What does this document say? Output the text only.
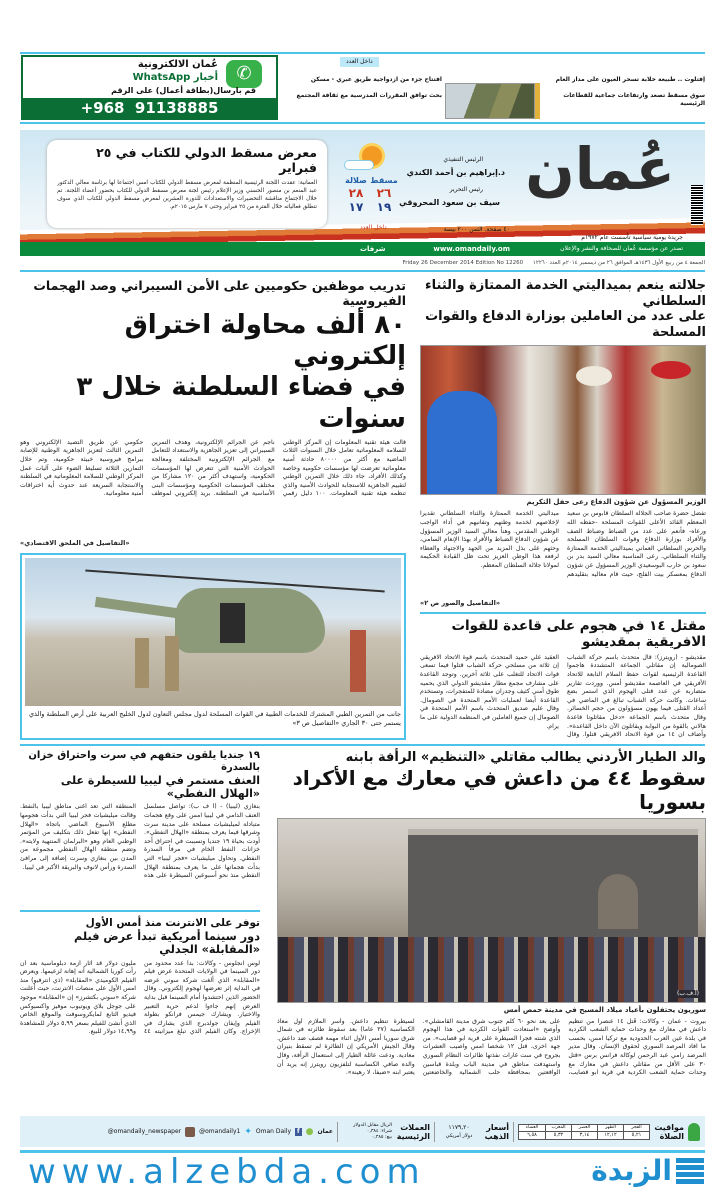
✆
عُمان الالكترونية
أخبار WhatsApp
قم بارسال(بطاقة أعمال) على الرقم
+968  91138885
داخل العدد
افتتاح جزء من ازدواجية طريق عبري - مسكن
بحث توافق المقررات المدرسية مع ثقافة المجتمع
إفتلوت .. طبيعة خلابة تسحر العيون على مدار العام
سوق مسقط تصعد وارتفاعات جماعية للقطاعات الرئيسية
عُمان
جريدة يومية سياسية تأسست عام ١٩٧٢م
تصدر عن مؤسسة عُمان للصحافة والنشر والإعلان
الرئيس التنفيذي
د.إبراهيم بن أحمد الكندي
رئيس التحرير
سيف بن سعود المحروقي
٤٠ صفحة. الثمن ٢٠٠ بيسة
www.omandaily.om
مسقط
صلالة
٢٦
٢٨
١٩
١٧
داخل العدد
شرفات
معرض مسقط الدولي للكتاب في ٢٥ فبراير
العمانية: عقدت اللجنة الرئيسية المنظمة لمعرض مسقط الدولي للكتاب امس اجتماعا لها برئاسة معالي الدكتور عبد المنعم بن منصور الحسني وزير الإعلام رئيس لجنة معرض مسقط الدولي للكتاب بحضور أعضاء اللجنة. تم خلال الاجتماع مناقشة التحضيرات والاستعدادات للدورة العشرين لمعرض مسقط الدولي للكتاب الذي سوف تنطلق فعالياته خلال الفترة من ٢٥ فبراير وحتى ٧ مارس ٢٠١٥م.
الجمعة ٤ من ربيع الأول ١٤٣٦هـ الموافق ٢٦ من ديسمبر ٢٠١٤م العدد ١٢٢٦٠ Friday 26 December 2014 Edition No 12260
جلالته ينعم بميداليتي الخدمة الممتازة والثناء السلطاني
على عدد من العاملين بوزارة الدفاع والقوات المسلحة
الوزير المسؤول عن شؤون الدفاع رعى حفل التكريم
تفضل حضرة صاحب الجلالة السلطان قابوس بن سعيد المعظم القائد الأعلى للقوات المسلحة -حفظه الله ورعاه- فأنعم على عدد من الضباط وضباط الصف والأفراد بوزارة الدفاع وقوات السلطان المسلحة والحرس السلطاني العماني بميداليتي الخدمة الممتازة والثناء السلطاني. رعى المناسبة معالي السيد بدر بن سعود بن حارب البوسعيدي الوزير المسؤول عن شؤون الدفاع بمعسكر بيت الفلج، حيث قام معاليه بتقليدهم ميداليتي الخدمة الممتازة والثناء السلطاني تقديراً لإخلاصهم لخدمة وطنهم وتفانيهم في أداء الواجب الوطني المقدس. وهنأ معالي السيد الوزير المسؤول عن شؤون الدفاع الضباط والأفراد بهذا الإنعام السامي، وحثهم على بذل المزيد من الجهد والاجتهاد والعطاء لرفعة هذا الوطن العزيز تحت ظل القيادة الحكيمة لمولانا جلالة السلطان المعظم.
«التفاصيل والصور ص ٢»
مقتل ١٤ في هجوم على قاعدة للقوات الافريقية بمقديشو
مقديشو - (رويترز): قال متحدث باسم حركة الشباب الصومالية إن مقاتلي الجماعة المتشددة هاجموا القاعدة الرئيسية لقوات حفظ السلام التابعة للاتحاد الأفريقي في العاصمة مقديشو أمس. ووردت تقارير متضاربة عن عدد قتلى الهجوم الذي استمر بضع ساعات. وكانت حركة الشباب تبالغ في الماضي في أعداد القتلى فيما يهون مسؤولون من حجم الخسائر. وقال متحدث باسم الجماعة «دخل مقاتلونا قاعدة هالاني بالقوة من البوابة ويقاتلون الآن داخل القاعدة». وأضاف ان ١٤ من قوة الاتحاد الافريقي قتلوا. وقال العقيد علي حميد المتحدث باسم قوة الاتحاد الافريقي إن ثلاثة من مسلحي حركة الشباب قتلوا فيما تسعى قوات الاتحاد للتغلب على ثلاثة آخرين. وتوجد القاعدة على مشارف مجمع مطار مقديشو الدولي الذي يحميه طوق أمني كثيف وجدران مضادة للمتفجرات، وتستخدم القاعدة أيضا لعمليات الأمم المتحدة في الصومال. وقال عليم صديق المتحدث باسم الأمم المتحدة في الصومال إن جميع العاملين في المنظمة الدولية على ما يرام.
تدريب موظفين حكوميين على الأمن السيبراني وصد الهجمات الفيروسية
٨٠ ألف محاولة اختراق إلكتروني
في فضاء السلطنة خلال ٣ سنوات
قالت هيئة تقنية المعلومات إن المركز الوطني للسلامة المعلوماتية تعامل خلال السنوات الثلاث الماضية مع أكثر من ٨٠٠٠٠ حادثة أمنية معلوماتية تعرضت لها مؤسسات حكومية وخاصة وكذلك الأفراد، جاء ذلك خلال التمرين الوطني لتقييم الجاهزية للاستجابة للحوادث الأمنية والذي تنظمه هيئة تقنية المعلومات. ١٠٠ دليل رقمي ناجم عن الجرائم الإلكترونية، وهدف التمرين السيبراني إلى تعزيز الجاهزية والاستعداد للتعامل مع الجرائم الإلكترونية المختلفة ومعالجة الحوادث الأمنية التي تتعرض لها المؤسسات الحكومية، واستهدف أكثر من ١٢٠ مشاركا من مختلف المؤسسات الحكومية ومؤسسات البنى الأساسية في السلطنة. بريد إلكتروني لموظف حكومي عن طريق التصيد الإلكتروني وهو التمرين الثالث لتعزيز الجاهزية الوطنية للإصابة ببرامج فيروسية خبيثة حكومية، وتم خلال التمارين الثلاثة تسليط الضوء على آليات عمل المركز الوطني للسلامة المعلوماتية في السلطنة والاستجابة السريعة عند حدوث أية اختراقات أمنية معلوماتية.
«التفاصيل في الملحق الاقتصادي»
جانب من التمرين الطبي المشترك للخدمات الطبية في القوات المسلحة لدول مجلس التعاون لدول الخليج العربية على أرض السلطنة والذي يستمر حتى ٣٠ الجاري «التفاصيل ص ٣»
والد الطيار الأردني يطالب مقاتلي «التنظيم» الرأفة بابنه
سقوط ٤٤ من داعش في معارك مع الأكراد بسوريا
(أ.ف.ب)
سوريون يحتفلون بأعياد ميلاد المسيح في مدينة حمص أمس
بيروت - عمان - وكالات: قُتل ١٤ عنصراً من تنظيم داعش في معارك مع وحدات حماية الشعب الكردية في بلدة عين العرب الحدودية مع تركيا امس، بحسب ما افاد المرصد السوري لحقوق الإنسان. وقال مدير المرصد رامي عبد الرحمن لوكالة فرانس برس «قتل ٣٠ على الأقل من مقاتلي داعش في معارك مع وحدات حماية الشعب الكردية في قرية ابو قصايب، على بعد نحو ٦٠ كلم جنوب شرق مدينة القامشلي». وأوضح «استعادت القوات الكردية في هذا الهجوم الذي شنته فجرا السيطرة على قرية ابو قصايب». من جهة اخرى، قتل ١٢ شخصا امس واصيب العشرات بجروح في ست غارات نفذتها طائرات النظام السوري واستهدفت مناطق في مدينة الباب وبلدة قباسين الواقعتين بمحافظة حلب الشمالية والخاضعتين لسيطرة تنظيم داعش. وأسر الملازم أول معاذ الكساسبة (٢٧ عاما) بعد سقوط طائرته في شمال شرق سوريا أمس الأول اثناء مهمة قصف ضد داعش. وقال الجيش الأمريكي إن الطائرة لم تسقط بنيران معادية. ودعت عائلة الطيار إلى استعمال الرأفة، وقال والده صافي الكساسبة لتلفزيون رويترز إنه يريد أن يعتبر ابنه «ضيفا، لا رهينة».
١٩ جنديا يلقون حتفهم في سرت واحتراق خزان بالسدرة
العنف مستمر في ليبيا للسيطرة على «الهلال النفطي»
بنغازي (ليبيا) - (أ ف ب): تواصل مسلسل العنف الدامي في ليبيا امس على وقع هجمات متبادلة لميليشيات مسلحة على مدينة سرت وشرقها فيما يعرف بمنطقة «الهلال النفطي». أودت بحياة ١٩ جنديا وتسببت في احتراق أحد خزانات النفط الخام في مرفأ السدرة النفطي. وتحاول ميليشيات «فجر ليبيا» التي بدأت هجماتها على ما يعرف بمنطقة الهلال النفطي منذ نحو أسبوعين السيطرة على هذه المنطقة التي تعد أغنى مناطق ليبيا بالنفط. وقالت ميليشيات فجر ليبيا التي بدأت هجومها مطلع الأسبوع الماضي باتجاه «الهلال النفطي» إنها تفعل ذلك بتكليف من المؤتمر الوطني العام وهو «البرلمان المنتهية ولايته». وتضم منطقة الهلال النفطي مجموعة من المدن بين بنغازي وسرت إضافة إلى مرافئ السدرة ورأس لانوف والبريقة الأكبر في ليبيا.
توفر على الانترنت منذ أمس الأول
دور سينما أمريكية تبدأ عرض فيلم «المقابلة» الجدلي
لوس انجلوس - وكالات: بدأ عدد محدود من دور السينما في الولايات المتحدة عرض فيلم «المقابلة» الذي ألغت شركة سوني عرضه في البداية إثر تعرضها لهجوم إلكتروني. وقال الحضور الذين احتشدوا أمام السينما قبل بداية العرض إنهم جاءوا لدعم حرية التعبير والاختيار. ويشارك جيمس فرانكو بطولة الفيلم وإيفان جولدبرج الذي يشارك في الإخراج. وكان الفيلم الذي تبلغ ميزانيته ٤٤ مليون دولار قد أثار أزمة دبلوماسية بعد أن رأت كوريا الشمالية أنه إهانة لزعيمها. ويعرض الفيلم الكوميدي «المقابلة» (ذي انترفيو) منذ امس الأول على منصات الانترنت، حيث أعلنت شركة «سوني بكتشرز» إن «المقابلة» موجود على جوجل بلاي ويوتيوب موفيز واكسبوكس فيديو التابع لمايكروسوفت والموقع الخاص الذي أنشئ للفيلم بسعر ٥,٩٩ دولار للمشاهدة و١٤,٩٩ دولار للبيع.
مواقيت الصلاة
الفجر
٥,٢١
الظهر
١٢,١٢
العصر
٣,١٤
المغرب
٥,٣٢
العشاء
٦,٥٨
أسعار الذهب
١١٧٩,٢٠
دولار أمريكي
العملات الرئيسية
الريال مقابل الدولار
شراء: ٠,٣٨٤
بيع: ٠,٣٨٥
عمان
●
f
Oman Daily
✦
@omandaily1
@omandaily_newspaper
www.alzebda.com	الزبدة
